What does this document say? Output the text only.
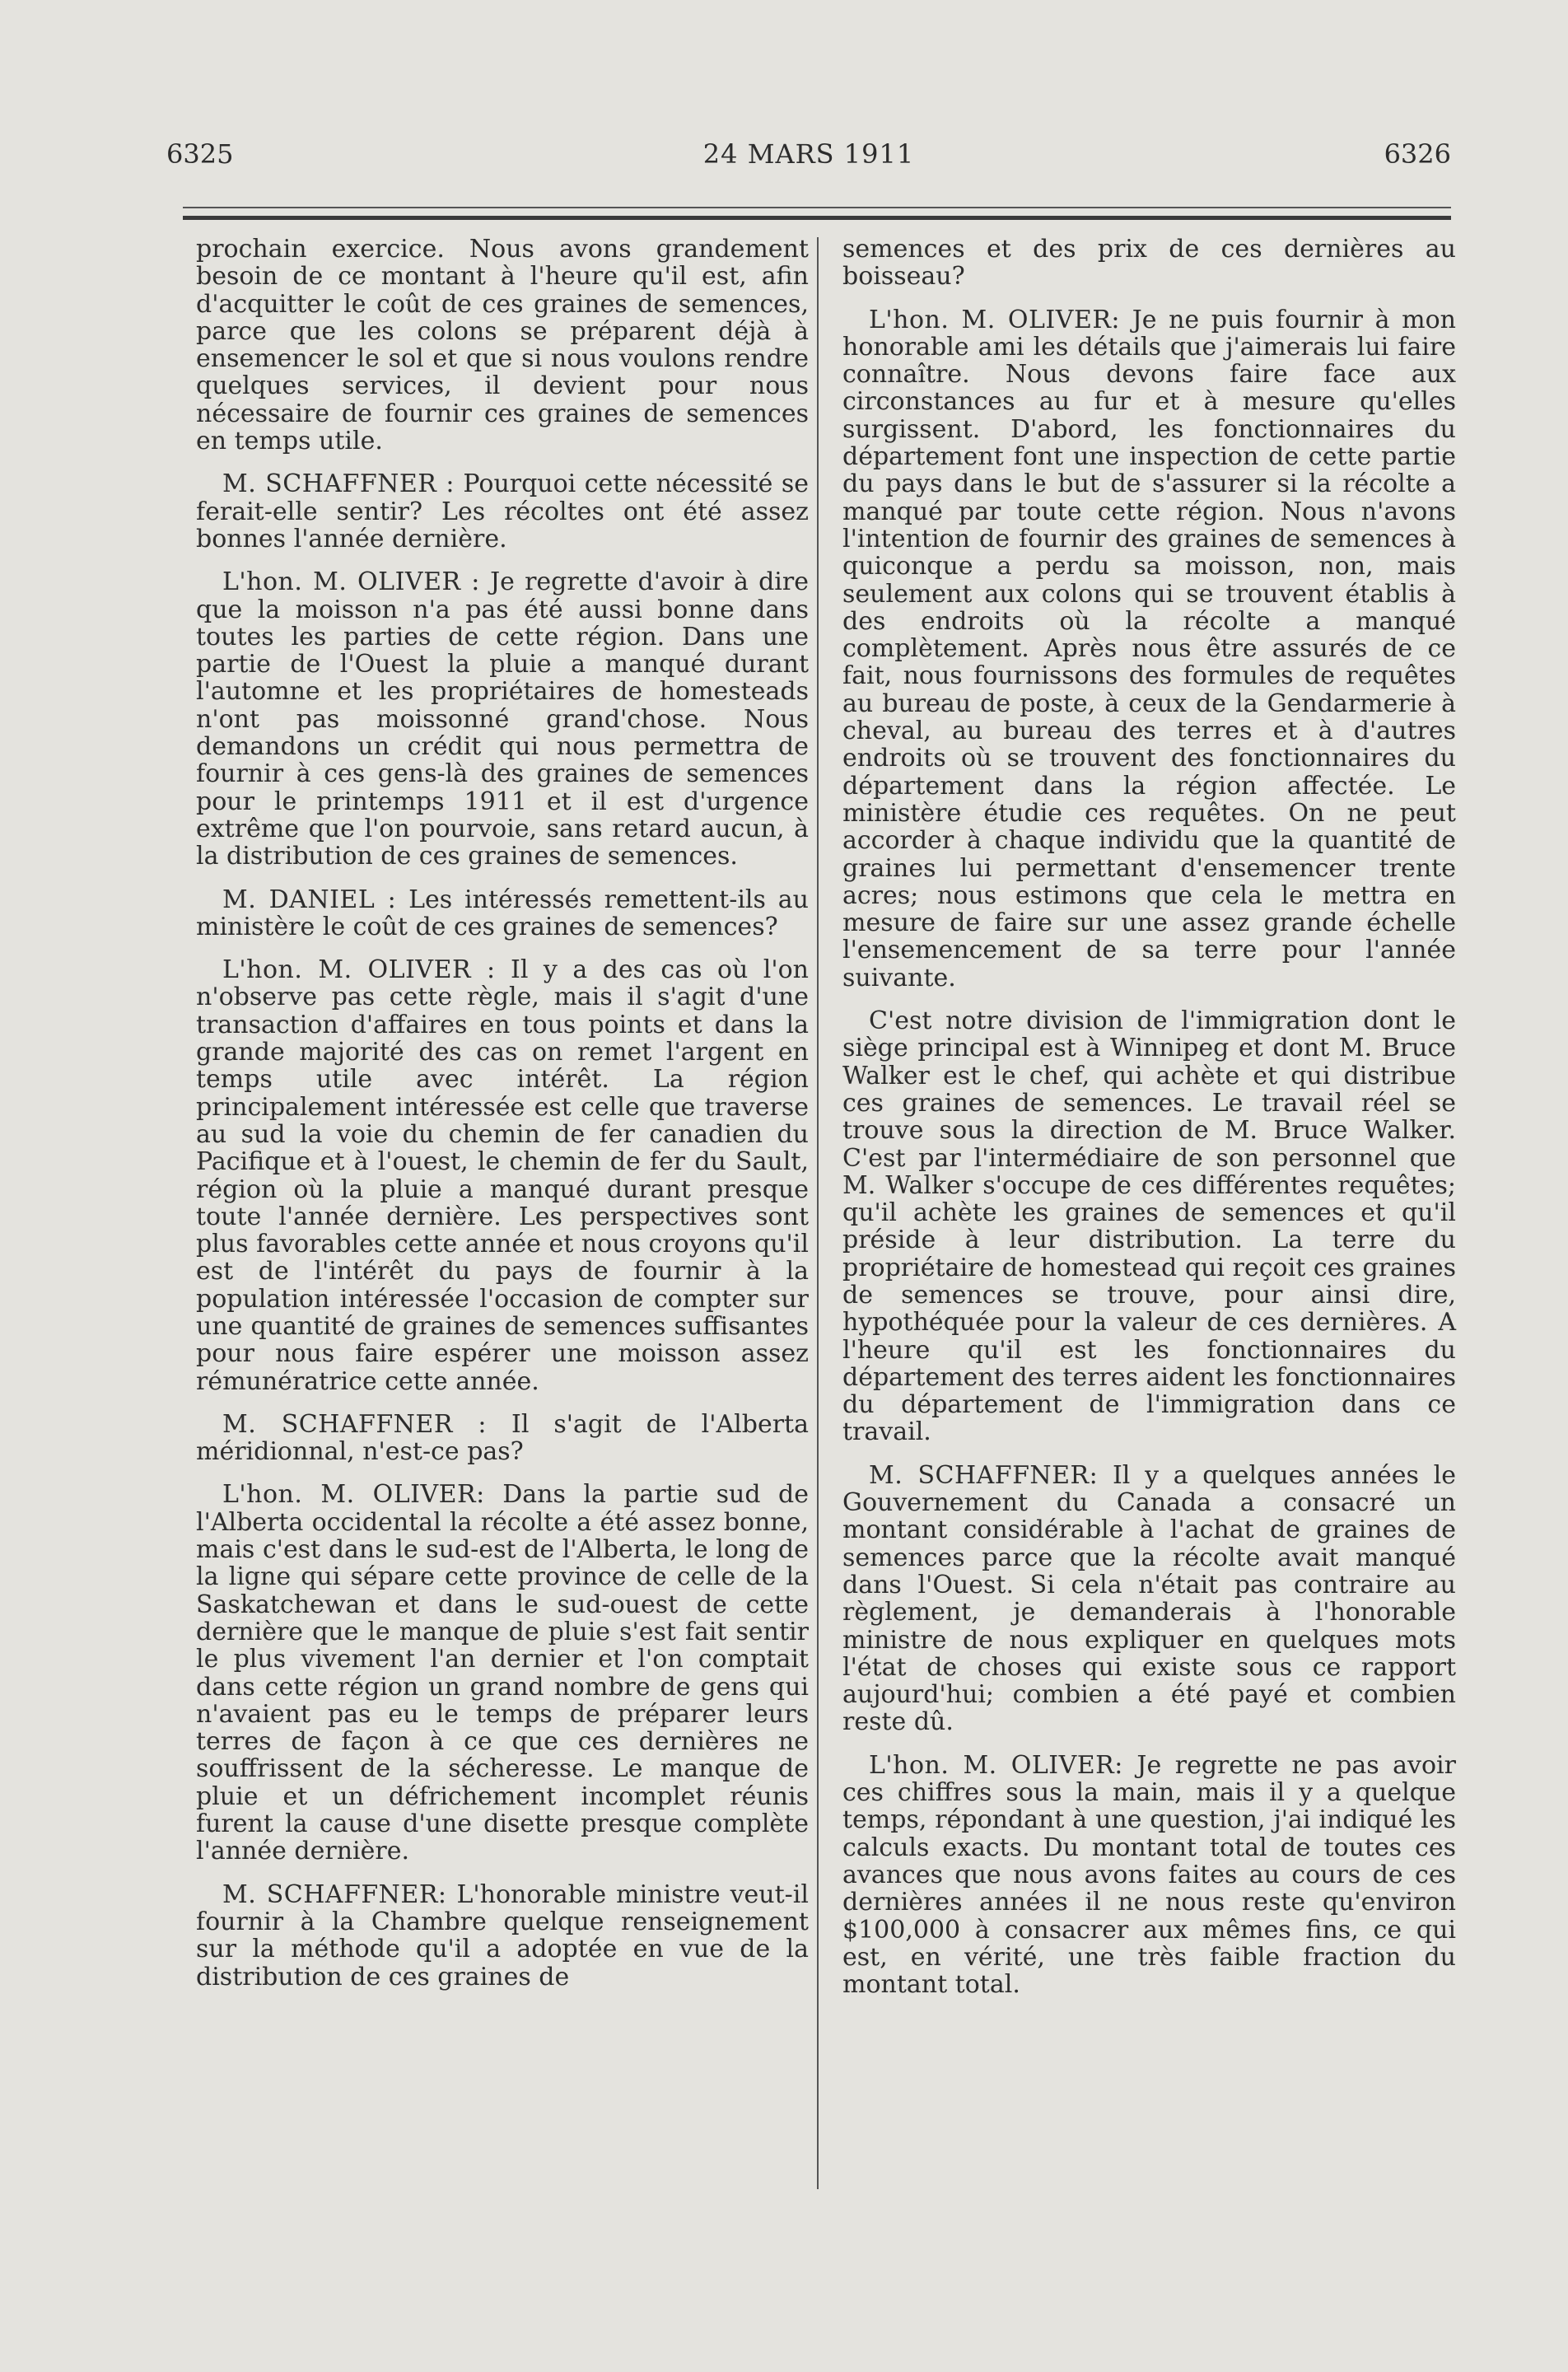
6325	24 MARS 1911	6326

prochain exercice. Nous avons grandement besoin de ce montant à l'heure qu'il est, afin d'acquitter le coût de ces graines de semences, parce que les colons se préparent déjà à ensemencer le sol et que si nous voulons rendre quelques services, il devient pour nous nécessaire de fournir ces graines de semences en temps utile.

M. SCHAFFNER : Pourquoi cette nécessité se ferait-elle sentir? Les récoltes ont été assez bonnes l'année dernière.

L'hon. M. OLIVER : Je regrette d'avoir à dire que la moisson n'a pas été aussi bonne dans toutes les parties de cette région. Dans une partie de l'Ouest la pluie a manqué durant l'automne et les propriétaires de homesteads n'ont pas moissonné grand'chose. Nous demandons un crédit qui nous permettra de fournir à ces gens-là des graines de semences pour le printemps 1911 et il est d'urgence extrême que l'on pourvoie, sans retard aucun, à la distribution de ces graines de semences.

M. DANIEL : Les intéressés remettent-ils au ministère le coût de ces graines de semences?

L'hon. M. OLIVER : Il y a des cas où l'on n'observe pas cette règle, mais il s'agit d'une transaction d'affaires en tous points et dans la grande majorité des cas on remet l'argent en temps utile avec intérêt. La région principalement intéressée est celle que traverse au sud la voie du chemin de fer canadien du Pacifique et à l'ouest, le chemin de fer du Sault, région où la pluie a manqué durant presque toute l'année dernière. Les perspectives sont plus favorables cette année et nous croyons qu'il est de l'intérêt du pays de fournir à la population intéressée l'occasion de compter sur une quantité de graines de semences suffisantes pour nous faire espérer une moisson assez rémunératrice cette année.

M. SCHAFFNER : Il s'agit de l'Alberta méridionnal, n'est-ce pas?

L'hon. M. OLIVER: Dans la partie sud de l'Alberta occidental la récolte a été assez bonne, mais c'est dans le sud-est de l'Alberta, le long de la ligne qui sépare cette province de celle de la Saskatchewan et dans le sud-ouest de cette dernière que le manque de pluie s'est fait sentir le plus vivement l'an dernier et l'on comptait dans cette région un grand nombre de gens qui n'avaient pas eu le temps de préparer leurs terres de façon à ce que ces dernières ne souffrissent de la sécheresse. Le manque de pluie et un défrichement incomplet réunis furent la cause d'une disette presque complète l'année dernière.

M. SCHAFFNER: L'honorable ministre veut-il fournir à la Chambre quelque renseignement sur la méthode qu'il a adoptée en vue de la distribution de ces graines de

semences et des prix de ces dernières au boisseau?

L'hon. M. OLIVER: Je ne puis fournir à mon honorable ami les détails que j'aimerais lui faire connaître. Nous devons faire face aux circonstances au fur et à mesure qu'elles surgissent. D'abord, les fonctionnaires du département font une inspection de cette partie du pays dans le but de s'assurer si la récolte a manqué par toute cette région. Nous n'avons l'intention de fournir des graines de semences à quiconque a perdu sa moisson, non, mais seulement aux colons qui se trouvent établis à des endroits où la récolte a manqué complètement. Après nous être assurés de ce fait, nous fournissons des formules de requêtes au bureau de poste, à ceux de la Gendarmerie à cheval, au bureau des terres et à d'autres endroits où se trouvent des fonctionnaires du département dans la région affectée. Le ministère étudie ces requêtes. On ne peut accorder à chaque individu que la quantité de graines lui permettant d'ensemencer trente acres; nous estimons que cela le mettra en mesure de faire sur une assez grande échelle l'ensemencement de sa terre pour l'année suivante.

C'est notre division de l'immigration dont le siège principal est à Winnipeg et dont M. Bruce Walker est le chef, qui achète et qui distribue ces graines de semences. Le travail réel se trouve sous la direction de M. Bruce Walker. C'est par l'intermédiaire de son personnel que M. Walker s'occupe de ces différentes requêtes; qu'il achète les graines de semences et qu'il préside à leur distribution. La terre du propriétaire de homestead qui reçoit ces graines de semences se trouve, pour ainsi dire, hypothéquée pour la valeur de ces dernières. A l'heure qu'il est les fonctionnaires du département des terres aident les fonctionnaires du département de l'immigration dans ce travail.

M. SCHAFFNER: Il y a quelques années le Gouvernement du Canada a consacré un montant considérable à l'achat de graines de semences parce que la récolte avait manqué dans l'Ouest. Si cela n'était pas contraire au règlement, je demanderais à l'honorable ministre de nous expliquer en quelques mots l'état de choses qui existe sous ce rapport aujourd'hui; combien a été payé et combien reste dû.

L'hon. M. OLIVER: Je regrette ne pas avoir ces chiffres sous la main, mais il y a quelque temps, répondant à une question, j'ai indiqué les calculs exacts. Du montant total de toutes ces avances que nous avons faites au cours de ces dernières années il ne nous reste qu'environ $100,000 à consacrer aux mêmes fins, ce qui est, en vérité, une très faible fraction du montant total.
